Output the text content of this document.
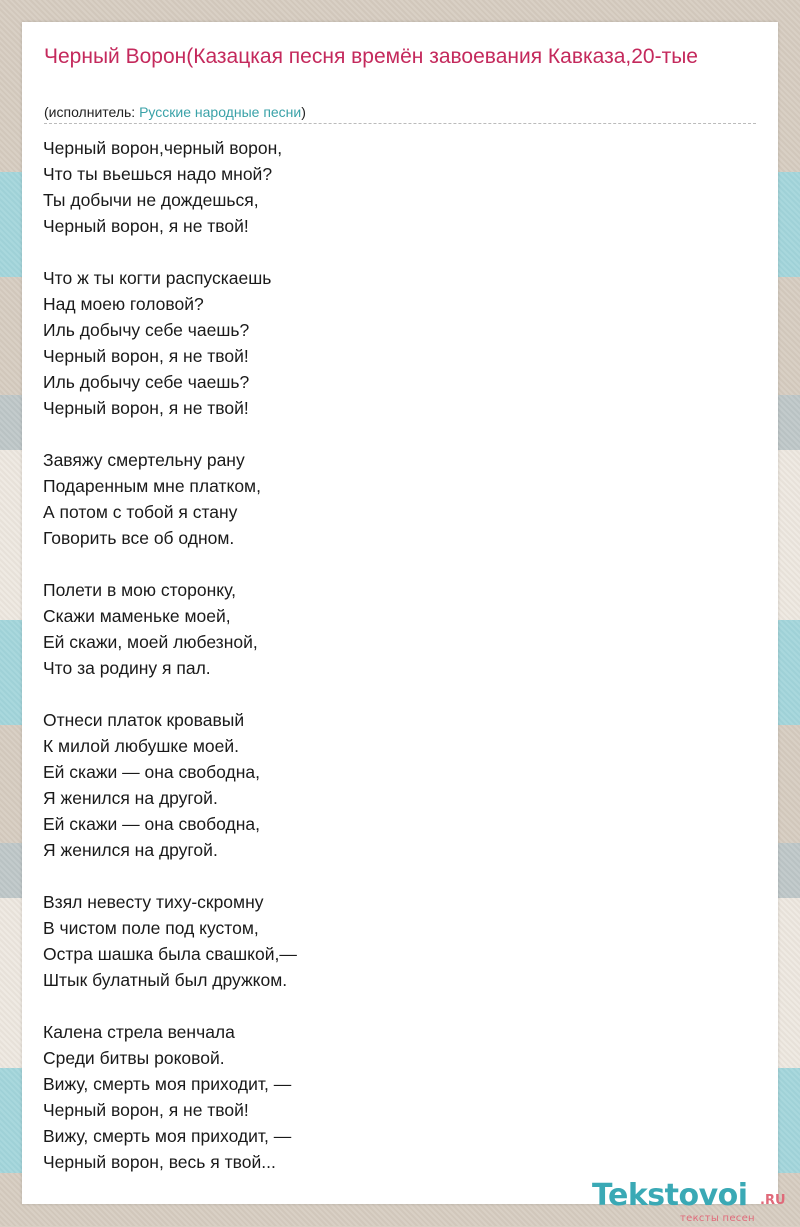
Черный Ворон(Казацкая песня времён завоевания Кавказа,20-тые
(исполнитель: Русские народные песни)
Черный ворон,черный ворон,
Что ты вьешься надо мной?
Ты добычи не дождешься,
Черный ворон, я не твой!
Что ж ты когти распускаешь
Над моею головой?
Иль добычу себе чаешь?
Черный ворон, я не твой!
Иль добычу себе чаешь?
Черный ворон, я не твой!
Завяжу смертельну рану
Подаренным мне платком,
А потом с тобой я стану
Говорить все об одном.
Полети в мою сторонку,
Скажи маменьке моей,
Ей скажи, моей любезной,
Что за родину я пал.
Отнеси платок кровавый
К милой любушке моей.
Ей скажи — она свободна,
Я женился на другой.
Ей скажи — она свободна,
Я женился на другой.
Взял невесту тиху-скромну
В чистом поле под кустом,
Остра шашка была свашкой,—
Штык булатный был дружком.
Калена стрела венчала
Среди битвы роковой.
Вижу, смерть моя приходит, —
Черный ворон, я не твой!
Вижу, смерть моя приходит, —
Черный ворон, весь я твой...
Tekstovoi .RU
тексты песен
